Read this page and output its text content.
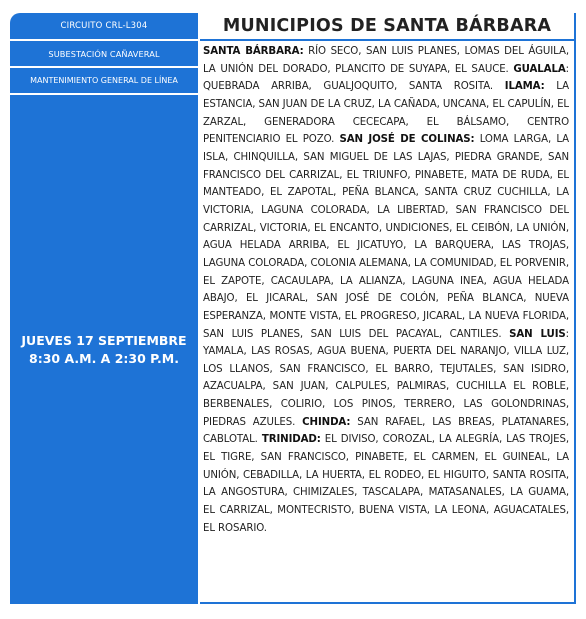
CIRCUITO CRL-L304
SUBESTACIÓN CAÑAVERAL
MANTENIMIENTO GENERAL DE LÍNEA
JUEVES 17 SEPTIEMBRE
8:30 A.M. A 2:30 P.M.
MUNICIPIOS DE SANTA BÁRBARA

SANTA BÁRBARA: RÍO SECO, SAN LUIS PLANES, LOMAS DEL ÁGUILA, LA UNIÓN DEL DORADO, PLANCITO DE SUYAPA, EL SAUCE. GUALALA: QUEBRADA ARRIBA, GUALJOQUITO, SANTA ROSITA. ILAMA: LA ESTANCIA, SAN JUAN DE LA CRUZ, LA CAÑADA, UNCANA, EL CAPULÍN, EL ZARZAL, GENERADORA CECECAPA, EL BÁLSAMO, CENTRO PENITENCIARIO EL POZO. SAN JOSÉ DE COLINAS: LOMA LARGA, LA ISLA, CHINQUILLA, SAN MIGUEL DE LAS LAJAS, PIEDRA GRANDE, SAN FRANCISCO DEL CARRIZAL, EL TRIUNFO, PINABETE, MATA DE RUDA, EL MANTEADO, EL ZAPOTAL, PEÑA BLANCA, SANTA CRUZ CUCHILLA, LA VICTORIA, LAGUNA COLORADA, LA LIBERTAD, SAN FRANCISCO DEL CARRIZAL, VICTORIA, EL ENCANTO, UNDICIONES, EL CEIBÓN, LA UNIÓN, AGUA HELADA ARRIBA, EL JICATUYO, LA BARQUERA, LAS TROJAS, LAGUNA COLORADA, COLONIA ALEMANA, LA COMUNIDAD, EL PORVENIR, EL ZAPOTE, CACAULAPA, LA ALIANZA, LAGUNA INEA, AGUA HELADA ABAJO, EL JICARAL, SAN JOSÉ DE COLÓN, PEÑA BLANCA, NUEVA ESPERANZA, MONTE VISTA, EL PROGRESO, JICARAL, LA NUEVA FLORIDA, SAN LUIS PLANES, SAN LUIS DEL PACAYAL, CANTILES. SAN LUIS: YAMALA, LAS ROSAS, AGUA BUENA, PUERTA DEL NARANJO, VILLA LUZ, LOS LLANOS, SAN FRANCISCO, EL BARRO, TEJUTALES, SAN ISIDRO, AZACUALPA, SAN JUAN, CALPULES, PALMIRAS, CUCHILLA EL ROBLE, BERBENALES, COLIRIO, LOS PINOS, TERRERO, LAS GOLONDRINAS, PIEDRAS AZULES. CHINDA: SAN RAFAEL, LAS BREAS, PLATANARES, CABLOTAL. TRINIDAD: EL DIVISO, COROZAL, LA ALEGRÍA, LAS TROJES, EL TIGRE, SAN FRANCISCO, PINABETE, EL CARMEN, EL GUINEAL, LA UNIÓN, CEBADILLA, LA HUERTA, EL RODEO, EL HIGUITO, SANTA ROSITA, LA ANGOSTURA, CHIMIZALES, TASCALAPA, MATASANALES, LA GUAMA, EL CARRIZAL, MONTECRISTO, BUENA VISTA, LA LEONA, AGUACATALES, EL ROSARIO.
